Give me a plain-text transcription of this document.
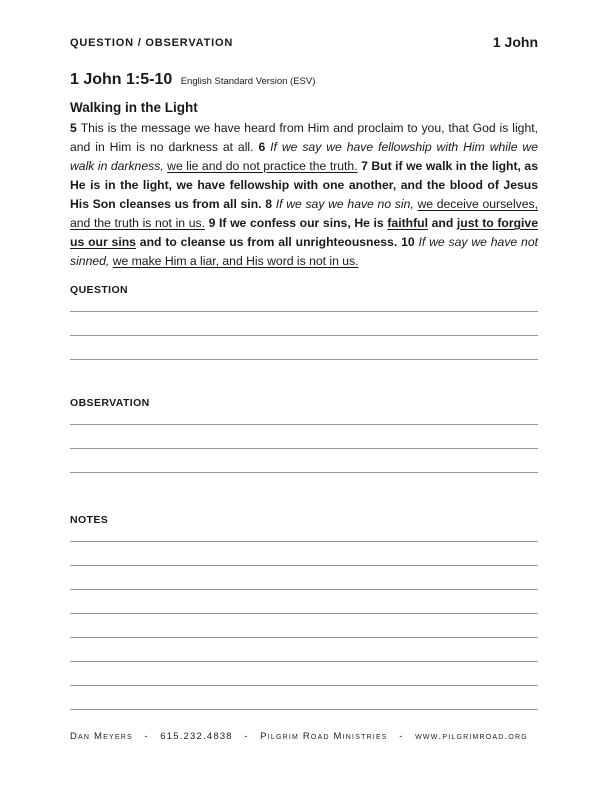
QUESTION / OBSERVATION	1 John
1 John 1:5-10 English Standard Version (ESV)
Walking in the Light

5 This is the message we have heard from Him and proclaim to you, that God is light, and in Him is no darkness at all. 6 If we say we have fellowship with Him while we walk in darkness, we lie and do not practice the truth. 7 But if we walk in the light, as He is in the light, we have fellowship with one another, and the blood of Jesus His Son cleanses us from all sin. 8 If we say we have no sin, we deceive ourselves, and the truth is not in us. 9 If we confess our sins, He is faithful and just to forgive us our sins and to cleanse us from all unrighteousness. 10 If we say we have not sinned, we make Him a liar, and His word is not in us.

QUESTION
OBSERVATION
NOTES
Dan Meyers   -   615.232.4838   -   Pilgrim Road Ministries   -   www.pilgrimroad.org
